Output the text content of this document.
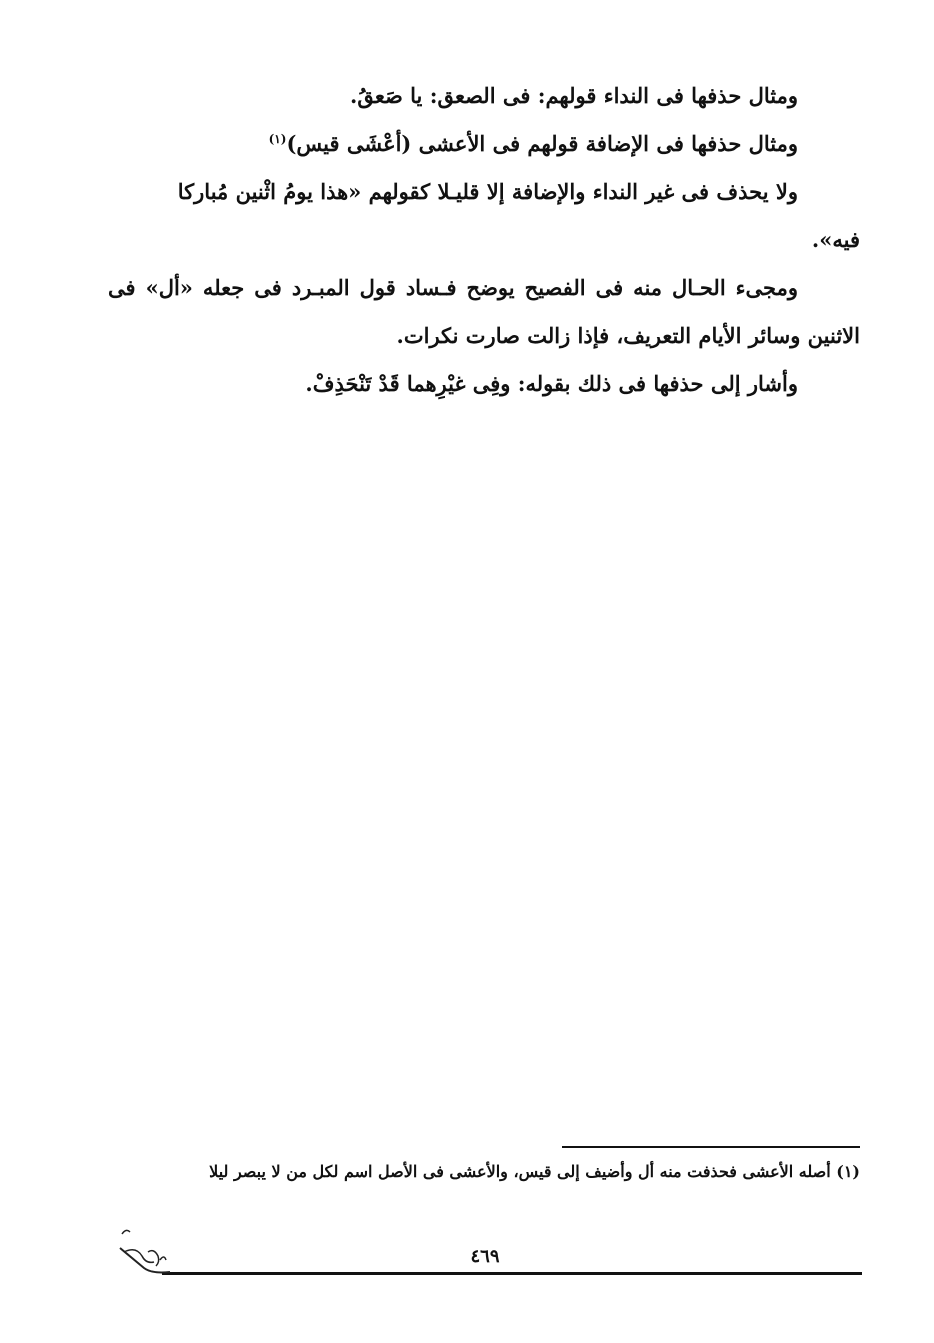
ومثال حذفها فى النداء قولهم: فى الصعق: يا صَعقُ.

ومثال حذفها فى الإضافة قولهم فى الأعشى (أعْشَى قيس)$^{(١)}$

ولا يحذف فى غير النداء والإضافة إلا قليـلا كقولهم «هذا يومُ اثْنين مُباركا

فيه».

ومجىء الحـال منه فى الفصيح يوضح فـساد قول المبـرد فى جعله «أل» فى الاثنين وسائر الأيام التعريف، فإذا زالت صارت نكرات.

وأشار إلى حذفها فى ذلك بقوله: وفِى غيْرِهما قَدْ تَنْحَذِفْ.

(١) أصله الأعشى فحذفت منه أل وأضيف إلى قيس، والأعشى فى الأصل اسم لكل من لا يبصر ليلا
٤٦٩
